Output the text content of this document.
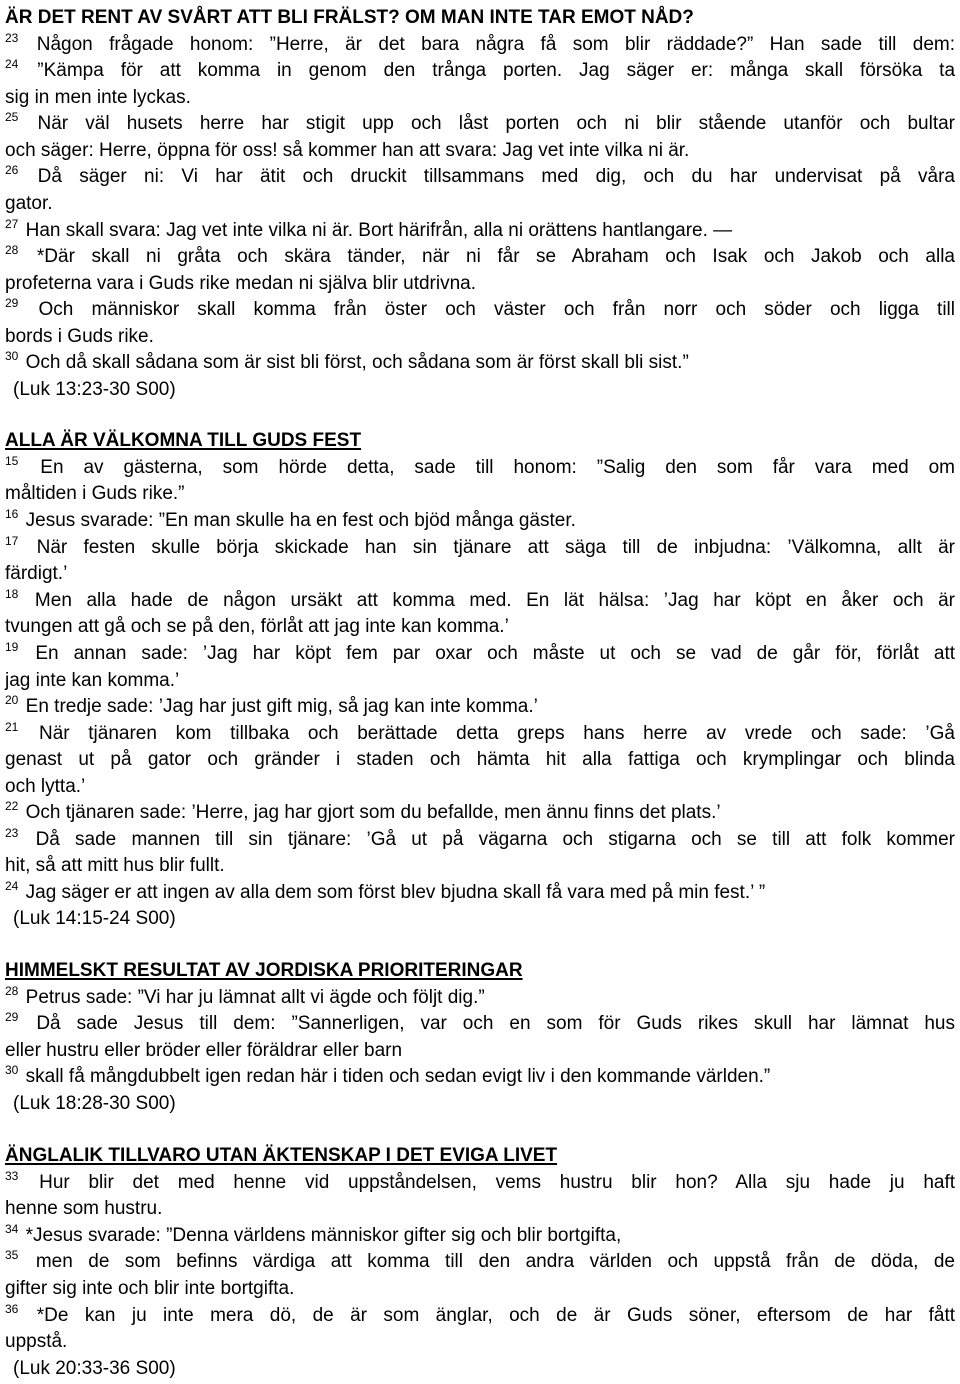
ÄR DET RENT AV SVÅRT ATT BLI FRÄLST? OM MAN INTE TAR EMOT NÅD?
$^{23}$ Någon frågade honom: ”Herre, är det bara några få som blir räddade?” Han sade till dem:
$^{24}$ ”Kämpa för att komma in genom den trånga porten. Jag säger er: många skall försöka ta
sig in men inte lyckas.
$^{25}$ När väl husets herre har stigit upp och låst porten och ni blir stående utanför och bultar
och säger: Herre, öppna för oss! så kommer han att svara: Jag vet inte vilka ni är.
$^{26}$ Då säger ni: Vi har ätit och druckit tillsammans med dig, och du har undervisat på våra
gator.
$^{27}$ Han skall svara: Jag vet inte vilka ni är. Bort härifrån, alla ni orättens hantlangare. —
$^{28}$ *Där skall ni gråta och skära tänder, när ni får se Abraham och Isak och Jakob och alla
profeterna vara i Guds rike medan ni själva blir utdrivna.
$^{29}$ Och människor skall komma från öster och väster och från norr och söder och ligga till
bords i Guds rike.
$^{30}$ Och då skall sådana som är sist bli först, och sådana som är först skall bli sist.”
(Luk 13:23-30 S00)
ALLA ÄR VÄLKOMNA TILL GUDS FEST
$^{15}$ En av gästerna, som hörde detta, sade till honom: ”Salig den som får vara med om
måltiden i Guds rike.”
$^{16}$ Jesus svarade: ”En man skulle ha en fest och bjöd många gäster.
$^{17}$ När festen skulle börja skickade han sin tjänare att säga till de inbjudna: ’Välkomna, allt är
färdigt.’
$^{18}$ Men alla hade de någon ursäkt att komma med. En lät hälsa: ’Jag har köpt en åker och är
tvungen att gå och se på den, förlåt att jag inte kan komma.’
$^{19}$ En annan sade: ’Jag har köpt fem par oxar och måste ut och se vad de går för, förlåt att
jag inte kan komma.’
$^{20}$ En tredje sade: ’Jag har just gift mig, så jag kan inte komma.’
$^{21}$ När tjänaren kom tillbaka och berättade detta greps hans herre av vrede och sade: ’Gå
genast ut på gator och gränder i staden och hämta hit alla fattiga och krymplingar och blinda
och lytta.’
$^{22}$ Och tjänaren sade: ’Herre, jag har gjort som du befallde, men ännu finns det plats.’
$^{23}$ Då sade mannen till sin tjänare: ’Gå ut på vägarna och stigarna och se till att folk kommer
hit, så att mitt hus blir fullt.
$^{24}$ Jag säger er att ingen av alla dem som först blev bjudna skall få vara med på min fest.’ ”
(Luk 14:15-24 S00)
HIMMELSKT RESULTAT AV JORDISKA PRIORITERINGAR
$^{28}$ Petrus sade: ”Vi har ju lämnat allt vi ägde och följt dig.”
$^{29}$ Då sade Jesus till dem: ”Sannerligen, var och en som för Guds rikes skull har lämnat hus
eller hustru eller bröder eller föräldrar eller barn
$^{30}$ skall få mångdubbelt igen redan här i tiden och sedan evigt liv i den kommande världen.”
(Luk 18:28-30 S00)
ÄNGLALIK TILLVARO UTAN ÄKTENSKAP I DET EVIGA LIVET
$^{33}$ Hur blir det med henne vid uppståndelsen, vems hustru blir hon? Alla sju hade ju haft
henne som hustru.
$^{34}$ *Jesus svarade: ”Denna världens människor gifter sig och blir bortgifta,
$^{35}$ men de som befinns värdiga att komma till den andra världen och uppstå från de döda, de
gifter sig inte och blir inte bortgifta.
$^{36}$ *De kan ju inte mera dö, de är som änglar, och de är Guds söner, eftersom de har fått
uppstå.
(Luk 20:33-36 S00)
